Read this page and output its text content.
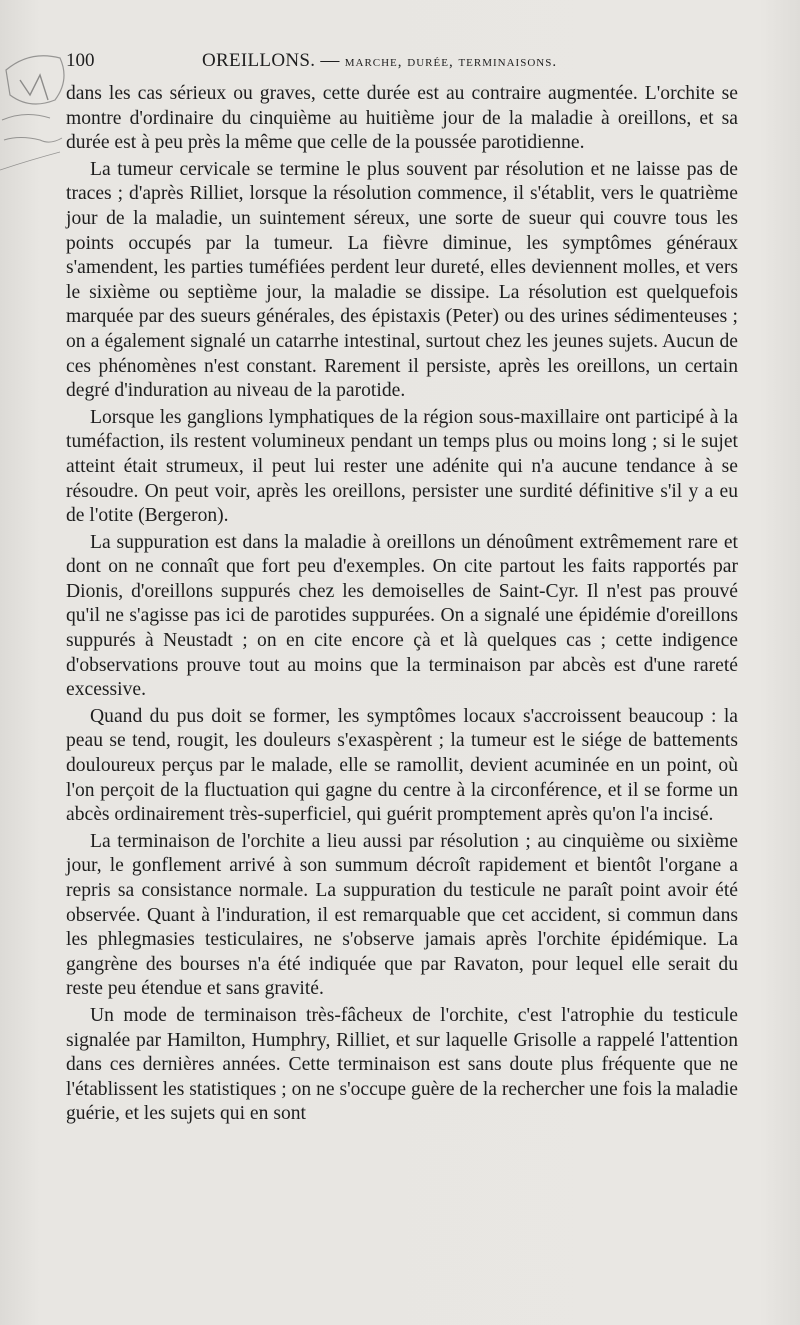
100	OREILLONS. — marche, durée, terminaisons.

dans les cas sérieux ou graves, cette durée est au contraire augmentée. L'orchite se montre d'ordinaire du cinquième au huitième jour de la maladie à oreillons, et sa durée est à peu près la même que celle de la poussée parotidienne.

La tumeur cervicale se termine le plus souvent par résolution et ne laisse pas de traces ; d'après Rilliet, lorsque la résolution commence, il s'établit, vers le quatrième jour de la maladie, un suintement séreux, une sorte de sueur qui couvre tous les points occupés par la tumeur. La fièvre diminue, les symptômes généraux s'amendent, les parties tuméfiées perdent leur dureté, elles deviennent molles, et vers le sixième ou septième jour, la maladie se dissipe. La résolution est quelquefois marquée par des sueurs générales, des épistaxis (Peter) ou des urines sédimenteuses ; on a également signalé un catarrhe intestinal, surtout chez les jeunes sujets. Aucun de ces phénomènes n'est constant. Rarement il persiste, après les oreillons, un certain degré d'induration au niveau de la parotide.

Lorsque les ganglions lymphatiques de la région sous-maxillaire ont participé à la tuméfaction, ils restent volumineux pendant un temps plus ou moins long ; si le sujet atteint était strumeux, il peut lui rester une adénite qui n'a aucune tendance à se résoudre. On peut voir, après les oreillons, persister une surdité définitive s'il y a eu de l'otite (Bergeron).

La suppuration est dans la maladie à oreillons un dénoûment extrêmement rare et dont on ne connaît que fort peu d'exemples. On cite partout les faits rapportés par Dionis, d'oreillons suppurés chez les demoiselles de Saint-Cyr. Il n'est pas prouvé qu'il ne s'agisse pas ici de parotides suppurées. On a signalé une épidémie d'oreillons suppurés à Neustadt ; on en cite encore çà et là quelques cas ; cette indigence d'observations prouve tout au moins que la terminaison par abcès est d'une rareté excessive.

Quand du pus doit se former, les symptômes locaux s'accroissent beaucoup : la peau se tend, rougit, les douleurs s'exaspèrent ; la tumeur est le siége de battements douloureux perçus par le malade, elle se ramollit, devient acuminée en un point, où l'on perçoit de la fluctuation qui gagne du centre à la circonférence, et il se forme un abcès ordinairement très-superficiel, qui guérit promptement après qu'on l'a incisé.

La terminaison de l'orchite a lieu aussi par résolution ; au cinquième ou sixième jour, le gonflement arrivé à son summum décroît rapidement et bientôt l'organe a repris sa consistance normale. La suppuration du testicule ne paraît point avoir été observée. Quant à l'induration, il est remarquable que cet accident, si commun dans les phlegmasies testiculaires, ne s'observe jamais après l'orchite épidémique. La gangrène des bourses n'a été indiquée que par Ravaton, pour lequel elle serait du reste peu étendue et sans gravité.

Un mode de terminaison très-fâcheux de l'orchite, c'est l'atrophie du testicule signalée par Hamilton, Humphry, Rilliet, et sur laquelle Grisolle a rappelé l'attention dans ces dernières années. Cette terminaison est sans doute plus fréquente que ne l'établissent les statistiques ; on ne s'occupe guère de la rechercher une fois la maladie guérie, et les sujets qui en sont
